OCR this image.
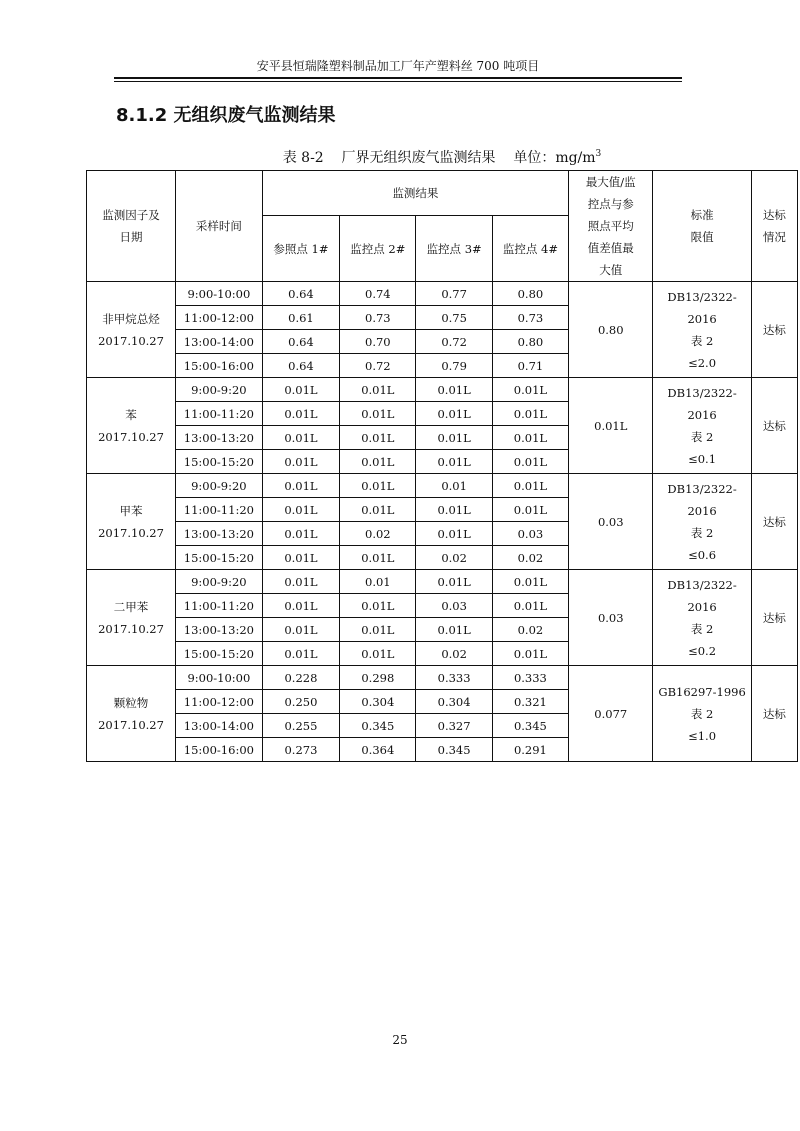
安平县恒瑞隆塑料制品加工厂年产塑料丝 700 吨项目
8.1.2 无组织废气监测结果
表 8-2    厂界无组织废气监测结果    单位：$mg/m^3$
监测因子及
日期	采样时间	监测结果				最大值/监
控点与参
照点平均
值差值最
大值	标准
限值	达标
情况

		参照点 1#	监控点 2#	监控点 3#	监控点 4#			

非甲烷总烃
2017.10.27	9:00-10:00	0.64	0.74	0.77	0.80	0.80	DB13/2322-2016
表 2
≤2.0	达标
	11:00-12:00	0.61	0.73	0.75	0.73			
	13:00-14:00	0.64	0.70	0.72	0.80			
	15:00-16:00	0.64	0.72	0.79	0.71			

苯
2017.10.27	9:00-9:20	0.01L	0.01L	0.01L	0.01L	0.01L	DB13/2322-2016
表 2
≤0.1	达标
	11:00-11:20	0.01L	0.01L	0.01L	0.01L			
	13:00-13:20	0.01L	0.01L	0.01L	0.01L			
	15:00-15:20	0.01L	0.01L	0.01L	0.01L			

甲苯
2017.10.27	9:00-9:20	0.01L	0.01L	0.01	0.01L	0.03	DB13/2322-2016
表 2
≤0.6	达标
	11:00-11:20	0.01L	0.01L	0.01L	0.01L			
	13:00-13:20	0.01L	0.02	0.01L	0.03			
	15:00-15:20	0.01L	0.01L	0.02	0.02			

二甲苯
2017.10.27	9:00-9:20	0.01L	0.01	0.01L	0.01L	0.03	DB13/2322-2016
表 2
≤0.2	达标
	11:00-11:20	0.01L	0.01L	0.03	0.01L			
	13:00-13:20	0.01L	0.01L	0.01L	0.02			
	15:00-15:20	0.01L	0.01L	0.02	0.01L			

颗粒物
2017.10.27	9:00-10:00	0.228	0.298	0.333	0.333	0.077	GB16297-1996
表 2
≤1.0	达标
	11:00-12:00	0.250	0.304	0.304	0.321			
	13:00-14:00	0.255	0.345	0.327	0.345			
	15:00-16:00	0.273	0.364	0.345	0.291			
25
